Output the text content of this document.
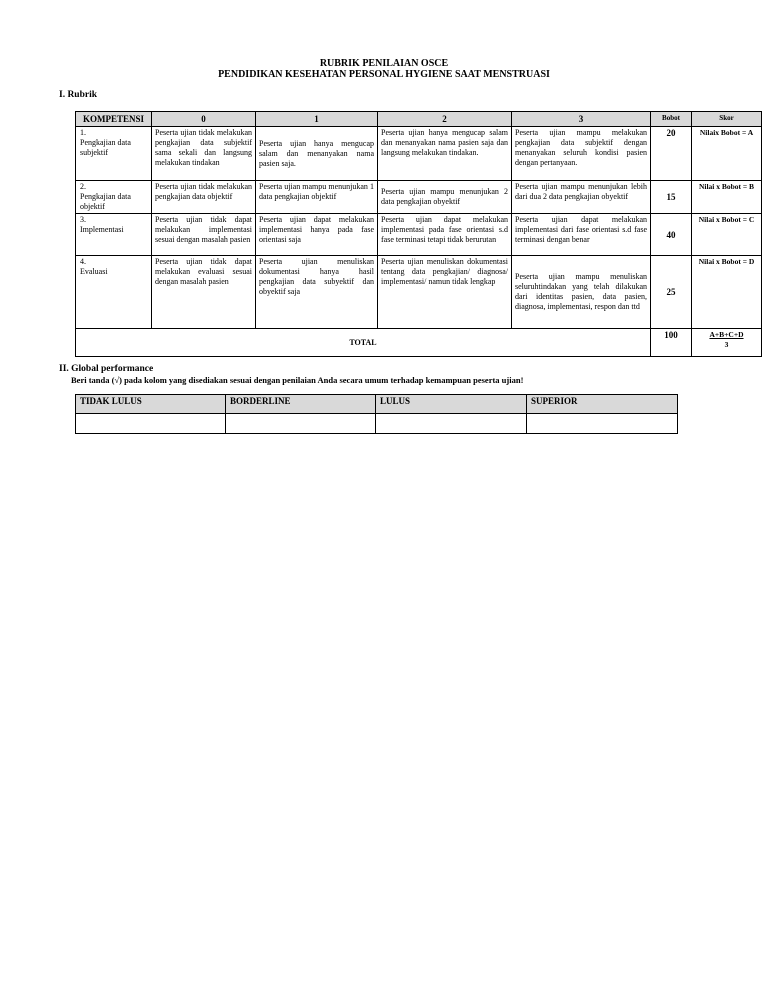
RUBRIK PENILAIAN OSCE
PENDIDIKAN KESEHATAN PERSONAL HYGIENE SAAT MENSTRUASI
I. Rubrik
KOMPETENSI	0	1	2	3	Bobot	Skor
1.Pengkajian data subjektif	Peserta ujian tidak melakukan pengkajian data subjektif sama sekali dan langsung melakukan tindakan	Peserta ujian hanya mengucap salam dan menanyakan nama pasien saja.	Peserta ujian hanya mengucap salam dan menanyakan nama pasien saja dan langsung melakukan tindakan.	Peserta ujian mampu melakukan pengkajian data subjektif dengan menanyakan seluruh kondisi pasien dengan pertanyaan.	20	Nilaix Bobot = A
2.Pengkajian data objektif	Peserta ujian tidak melakukan pengkajian data objektif	Peserta ujian mampu menunjukan 1 data pengkajian objektif	Peserta ujian mampu menunjukan 2 data pengkajian obyektif	Peserta ujian mampu menunjukan lebih dari dua 2 data pengkajian obyektif	15	Nilai x Bobot = B
3.Implementasi	Peserta ujian tidak dapat melakukan implementasi sesuai dengan masalah pasien	Peserta ujian dapat melakukan implementasi hanya pada fase orientasi saja	Peserta ujian dapat melakukan implementasi pada fase orientasi s.d fase terminasi tetapi tidak berurutan	Peserta ujian dapat melakukan implementasi dari fase orientasi s.d fase terminasi dengan benar	40	Nilai x Bobot = C
4.Evaluasi	Peserta ujian tidak dapat melakukan evaluasi sesuai dengan masalah pasien	Peserta ujian menuliskan dokumentasi hanya hasil pengkajian data subyektif dan obyektif saja	Peserta ujian menuliskan dokumentasi tentang data pengkajian/ diagnosa/ implementasi/ namun tidak lengkap	Peserta ujian mampu menuliskan seluruhtindakan yang telah dilakukan dari identitas pasien, data pasien, diagnosa, implementasi, respon dan ttd	25	Nilai x Bobot = D
TOTAL					100	A+B+C+D
3
II. Global performance
Beri tanda (√) pada kolom yang disediakan sesuai dengan penilaian Anda secara umum terhadap kemampuan peserta ujian!
TIDAK LULUS	BORDERLINE	LULUS	SUPERIOR
